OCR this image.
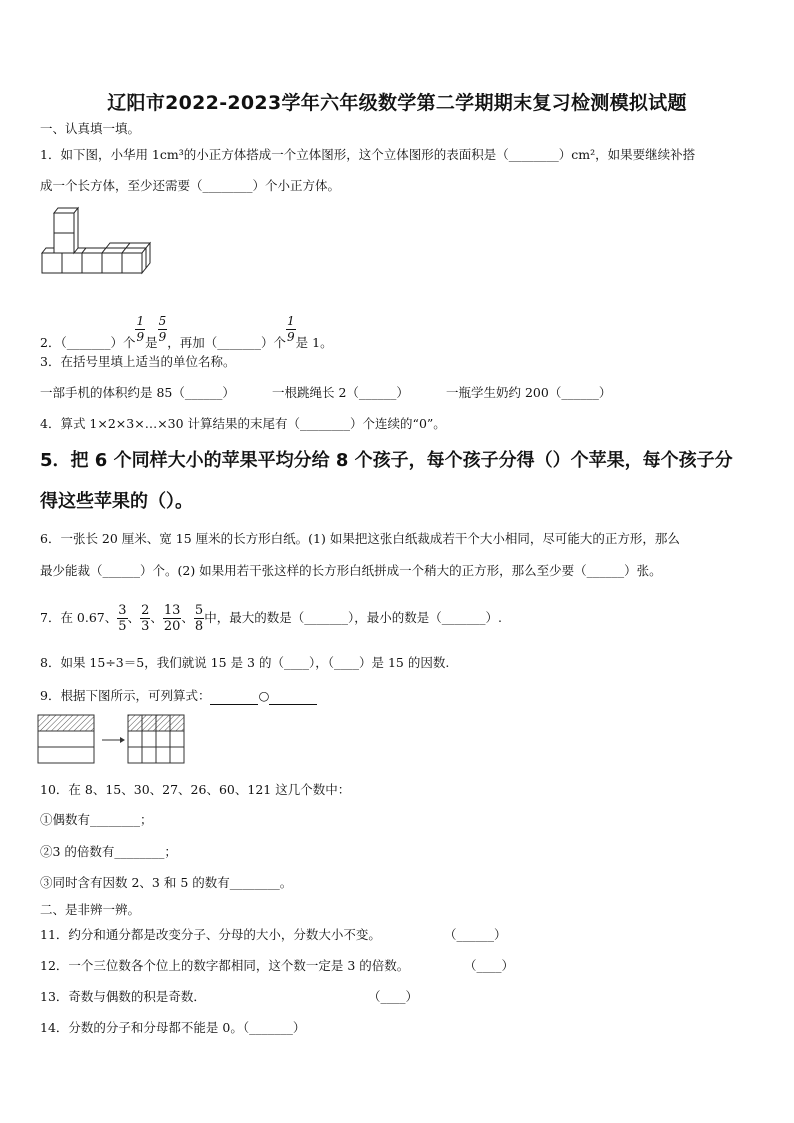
辽阳市2022-2023学年六年级数学第二学期期末复习检测模拟试题
一、认真填一填。
1．如下图，小华用 1cm³的小正方体搭成一个立体图形，这个立体图形的表面积是（________）cm²，如果要继续补搭
成一个长方体，至少还需要（________）个小正方体。
2．（_______）个 $\frac{1}{9}$ 是 $\frac{5}{9}$ ，再加（_______）个 $\frac{1}{9}$ 是 1。
3．在括号里填上适当的单位名称。
一部手机的体积约是 85（______）	一根跳绳长 2（______）	一瓶学生奶约 200（______）
4．算式 1×2×3×…×30 计算结果的末尾有（________）个连续的“0”。
5．把 6 个同样大小的苹果平均分给 8 个孩子，每个孩子分得（）个苹果，每个孩子分
得这些苹果的（）。
6．一张长 20 厘米、宽 15 厘米的长方形白纸。(1) 如果把这张白纸裁成若干个大小相同，尽可能大的正方形，那么
最少能裁（______）个。(2) 如果用若干张这样的长方形白纸拼成一个稍大的正方形，那么至少要（______）张。
7．在 0.67、 $\frac{3}{5}$ 、 $\frac{2}{3}$ 、 $\frac{13}{20}$ 、 $\frac{5}{8}$ 中，最大的数是（_______），最小的数是（_______）.
8．如果 15÷3＝5，我们就说 15 是 3 的（____），（____）是 15 的因数.
9．根据下图所示，可列算式：	○
10．在 8、15、30、27、26、60、121 这几个数中：
①偶数有________；
②3 的倍数有________；
③同时含有因数 2、3 和 5 的数有________。
二、是非辨一辨。
11．约分和通分都是改变分子、分母的大小，分数大小不变。	（______）
12．一个三位数各个位上的数字都相同，这个数一定是 3 的倍数。	（____）
13．奇数与偶数的积是奇数．	（____）
14．分数的分子和分母都不能是 0。（_______）
